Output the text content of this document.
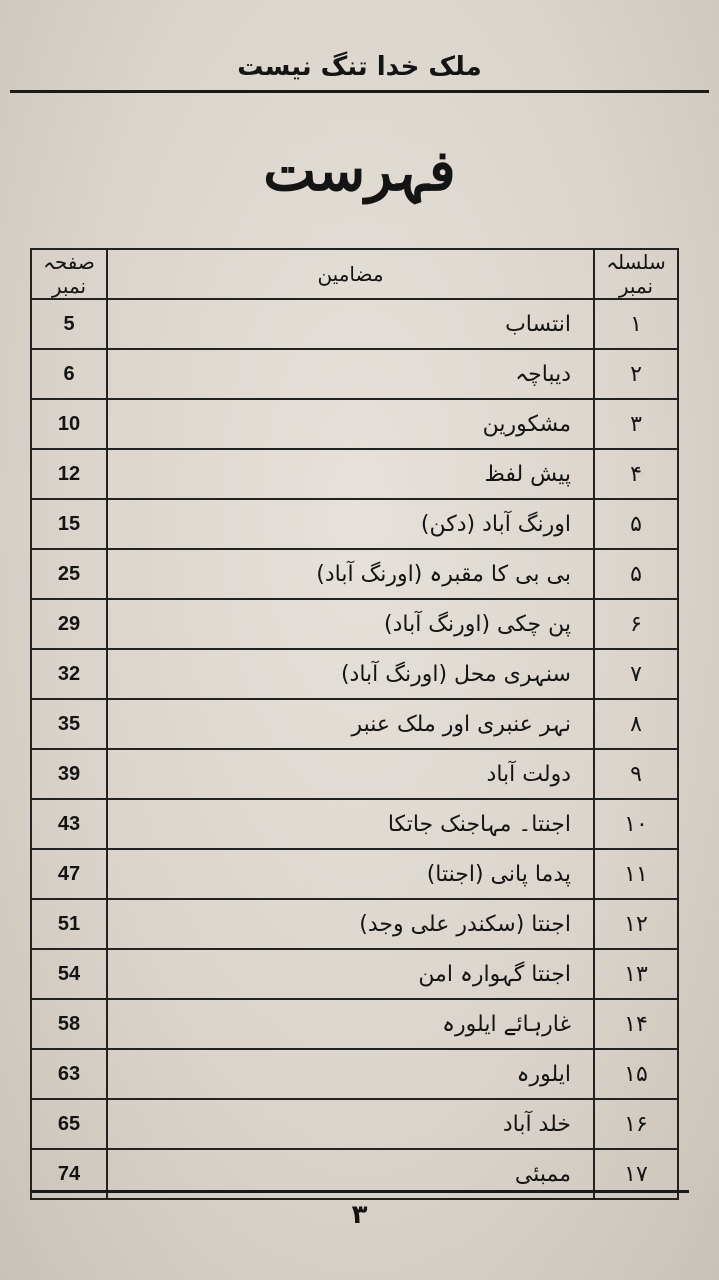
ملک خدا تنگ نیست
فہرست
سلسلہ نمبر	مضامین	صفحہ نمبر
۱	انتساب	5
۲	دیباچہ	6
۳	مشکورین	10
۴	پیش لفظ	12
۵	اورنگ آباد (دکن)	15
۵	بی بی کا مقبرہ (اورنگ آباد)	25
۶	پن چکی (اورنگ آباد)	29
۷	سنہری محل (اورنگ آباد)	32
۸	نہر عنبری اور ملک عنبر	35
۹	دولت آباد	39
۱۰	اجنتا۔ مہاجنک جاتکا	43
۱۱	پدما پانی (اجنتا)	47
۱۲	اجنتا (سکندر علی وجد)	51
۱۳	اجنتا گہوارہ امن	54
۱۴	غارہائے ایلورہ	58
۱۵	ایلورہ	63
۱۶	خلد آباد	65
۱۷	ممبئی	74
۳
